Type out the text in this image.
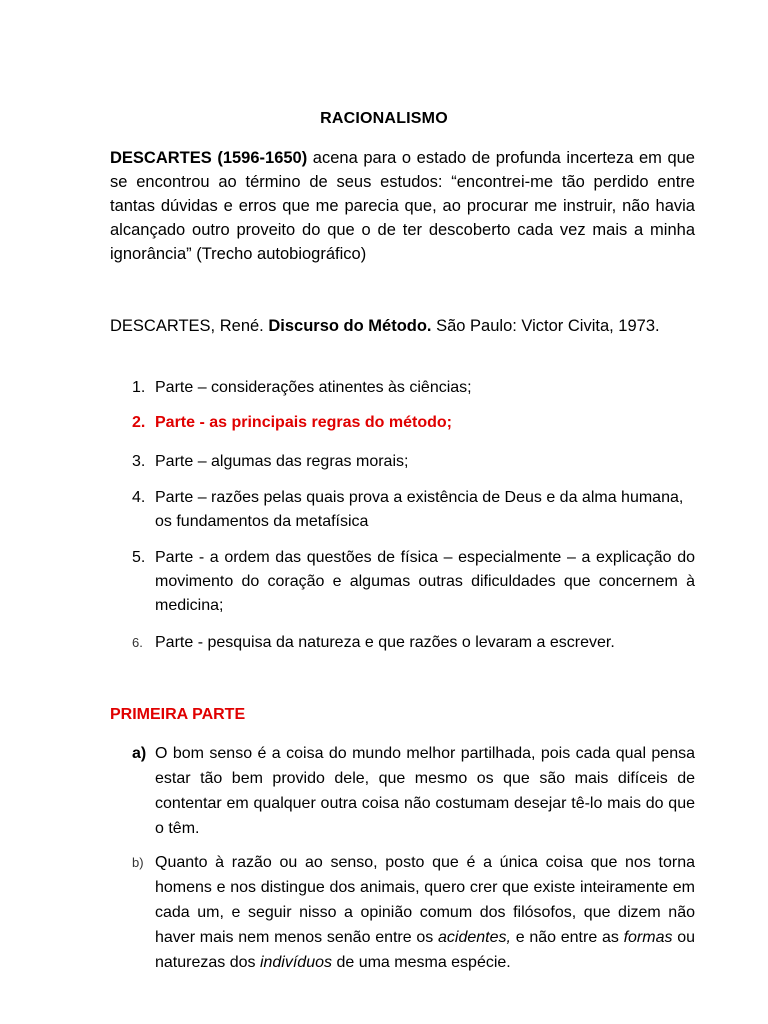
RACIONALISMO
DESCARTES (1596-1650) acena para o estado de profunda incerteza em que se encontrou ao término de seus estudos: “encontrei-me tão perdido entre tantas dúvidas e erros que me parecia que, ao procurar me instruir, não havia alcançado outro proveito do que o de ter descoberto cada vez mais a minha ignorância” (Trecho autobiográfico)
DESCARTES, René. Discurso do Método. São Paulo: Victor Civita, 1973.
1. Parte – considerações atinentes às ciências;
2. Parte - as principais regras do método;
3. Parte – algumas das regras morais;
4. Parte – razões pelas quais prova a existência de Deus e da alma humana, os fundamentos da metafísica
5. Parte - a ordem das questões de física – especialmente – a explicação do movimento do coração e algumas outras dificuldades que concernem à medicina;
6. Parte - pesquisa da natureza e que razões o levaram a escrever.
PRIMEIRA PARTE
a) O bom senso é a coisa do mundo melhor partilhada, pois cada qual pensa estar tão bem provido dele, que mesmo os que são mais difíceis de contentar em qualquer outra coisa não costumam desejar tê-lo mais do que o têm.
b) Quanto à razão ou ao senso, posto que é a única coisa que nos torna homens e nos distingue dos animais, quero crer que existe inteiramente em cada um, e seguir nisso a opinião comum dos filósofos, que dizem não haver mais nem menos senão entre os acidentes, e não entre as formas ou naturezas dos indivíduos de uma mesma espécie.
